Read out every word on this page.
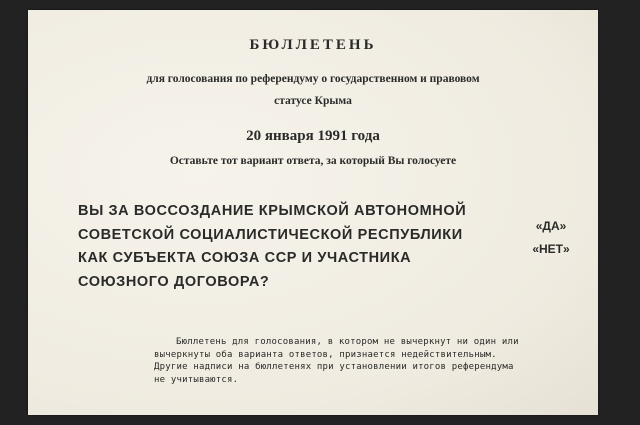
БЮЛЛЕТЕНЬ
для голосования по референдуму о государственном и правовом
статусе Крыма
20 января 1991 года
Оставьте тот вариант ответа, за который Вы голосуете
ВЫ ЗА ВОССОЗДАНИЕ КРЫМСКОЙ АВТОНОМНОЙ
СОВЕТСКОЙ СОЦИАЛИСТИЧЕСКОЙ РЕСПУБЛИКИ
КАК СУБЪЕКТА СОЮЗА ССР И УЧАСТНИКА
СОЮЗНОГО ДОГОВОРА?
«ДА»
«НЕТ»
Бюллетень для голосования, в котором не вычеркнут ни один или
вычеркнуты оба варианта ответов, признается недействительным.
Другие надписи на бюллетенях при установлении итогов референдума
не учитываются.
